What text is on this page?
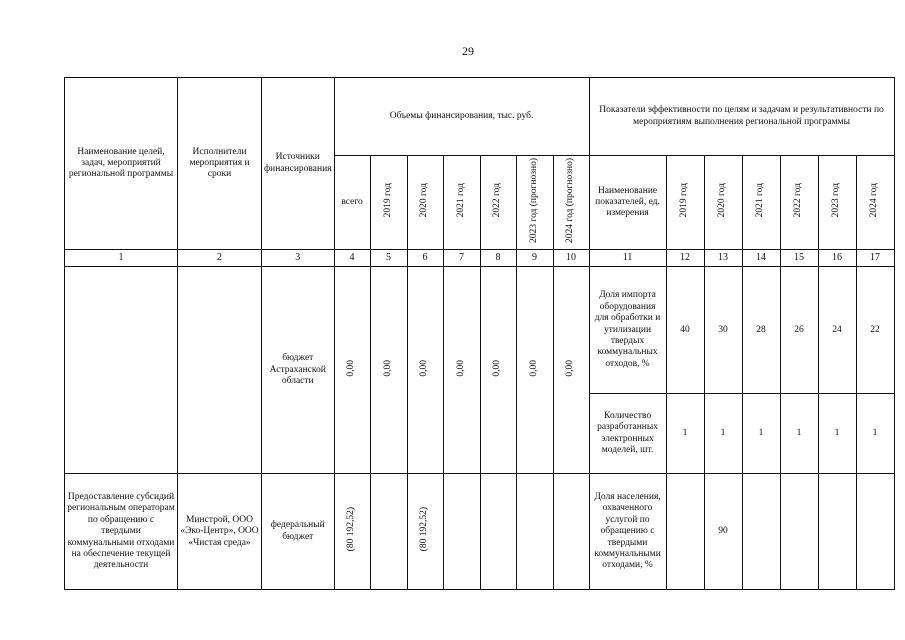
29
Наименование целей, задач, мероприятий региональной программы	Исполнители мероприятия и сроки	Источники финансирования	Объемы финансирования, тыс. руб.							Показатели эффективности по целям и задачам и результативности по мероприятиям выполнения региональной программы						
			всего	2019 год	2020 год	2021 год	2022 год	2023 год (прогнозно)	2024 год (прогнозно)	Наименование показателей, ед. измерения	2019 год	2020 год	2021 год	2022 год	2023 год	2024 год
1	2	3	4	5	6	7	8	9	10	11	12	13	14	15	16	17
		бюджет Астраханской области	0,00	0,00	0,00	0,00	0,00	0,00	0,00	Доля импорта оборудования для обработки и утилизации твердых коммунальных отходов, %	40	30	28	26	24	22
										Количество разработанных электронных моделей, шт.	1	1	1	1	1	1
Предоставление субсидий региональным операторам по обращению с твердыми коммунальными отходами на обеспечение текущей деятельности	Минстрой, ООО «Эко-Центр», ООО «Чистая среда»	федеральный бюджет	(80 192,52)		(80 192,52)					Доля населения, охваченного услугой по обращению с твердыми коммунальными отходами, %		90				
